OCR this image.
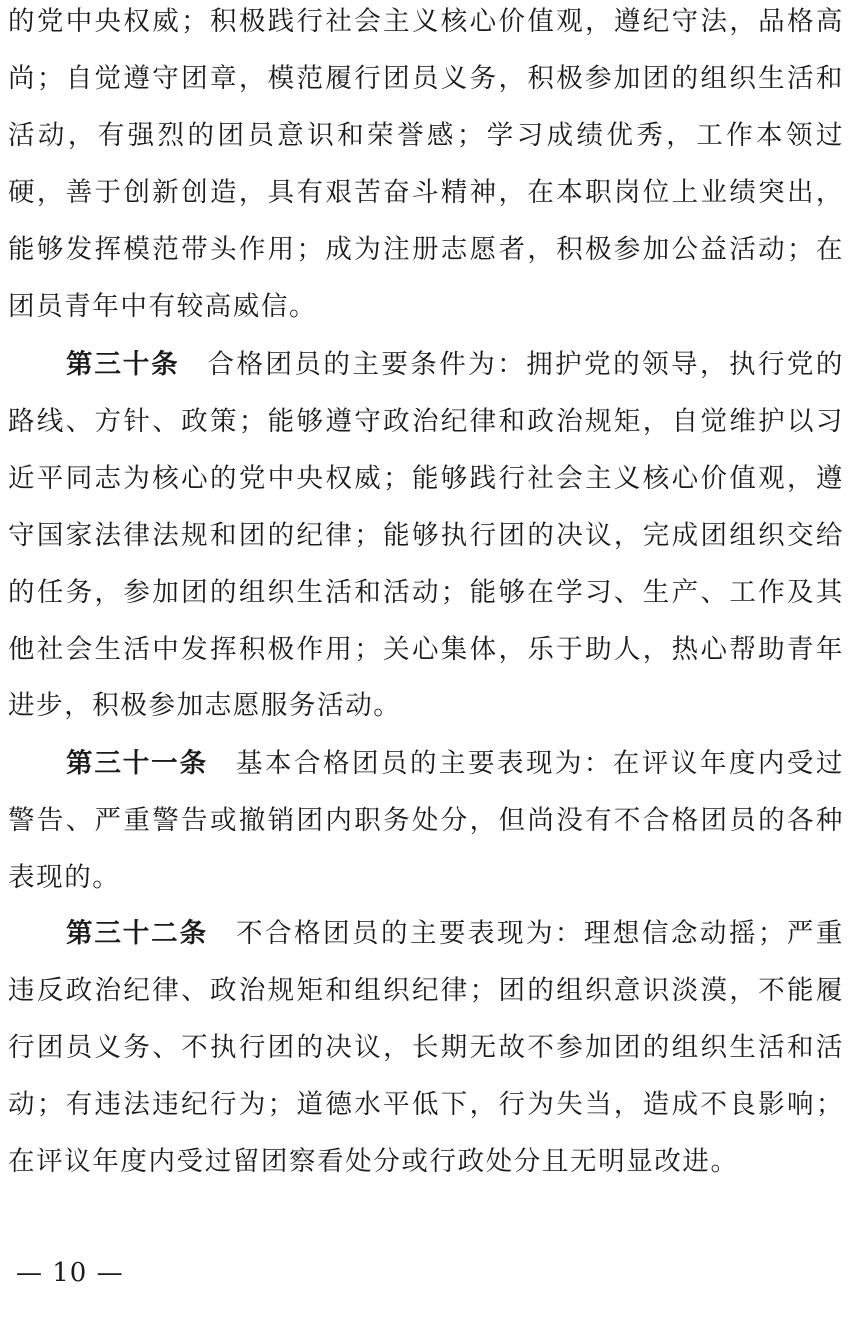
的党中央权威；积极践行社会主义核心价值观，遵纪守法，品格高尚；自觉遵守团章，模范履行团员义务，积极参加团的组织生活和活动，有强烈的团员意识和荣誉感；学习成绩优秀，工作本领过硬，善于创新创造，具有艰苦奋斗精神，在本职岗位上业绩突出，能够发挥模范带头作用；成为注册志愿者，积极参加公益活动；在团员青年中有较高威信。

第三十条 合格团员的主要条件为：拥护党的领导，执行党的路线、方针、政策；能够遵守政治纪律和政治规矩，自觉维护以习近平同志为核心的党中央权威；能够践行社会主义核心价值观，遵守国家法律法规和团的纪律；能够执行团的决议，完成团组织交给的任务，参加团的组织生活和活动；能够在学习、生产、工作及其他社会生活中发挥积极作用；关心集体，乐于助人，热心帮助青年进步，积极参加志愿服务活动。

第三十一条 基本合格团员的主要表现为：在评议年度内受过警告、严重警告或撤销团内职务处分，但尚没有不合格团员的各种表现的。

第三十二条 不合格团员的主要表现为：理想信念动摇；严重违反政治纪律、政治规矩和组织纪律；团的组织意识淡漠，不能履行团员义务、不执行团的决议，长期无故不参加团的组织生活和活动；有违法违纪行为；道德水平低下，行为失当，造成不良影响；在评议年度内受过留团察看处分或行政处分且无明显改进。

— 10 —
